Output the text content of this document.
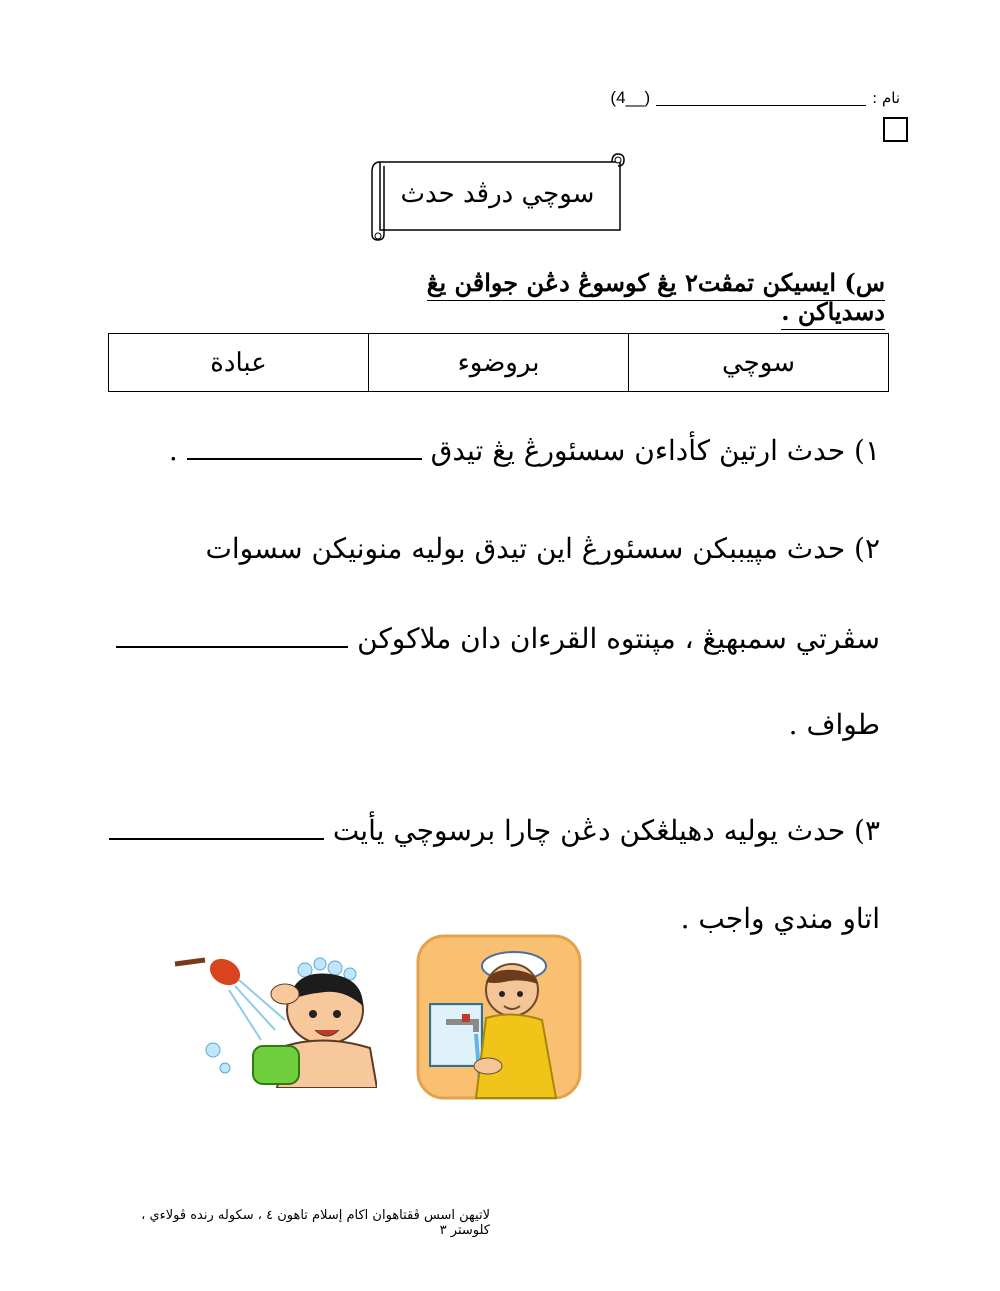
نام :
(__4)
سوچي درڤد حدث
س) ايسيكن تمڤت٢ يڠ كوسوڠ دڠن جواڤن يڠ دسدياكن .
سوچي	بروضوء	عبادة
١) حدث ارتيڽ كأداءن سسئورڠ يڠ تيدق  .
٢) حدث مپيببكن سسئورڠ اين تيدق بوليه منونيكن سسوات
سڤرتي سمبهيڠ ، مپنتوه القرءان دان ملاكوكن
طواف .
٣) حدث يوليه دهيلڠكن دڠن چارا برسوچي يأيت
اتاو مندي واجب .
لاتيهن اسس ڤقتاهوان اكام إسلام تاهون ٤ ، سكوله رنده ڤولاءي ، كلوستر ٣
